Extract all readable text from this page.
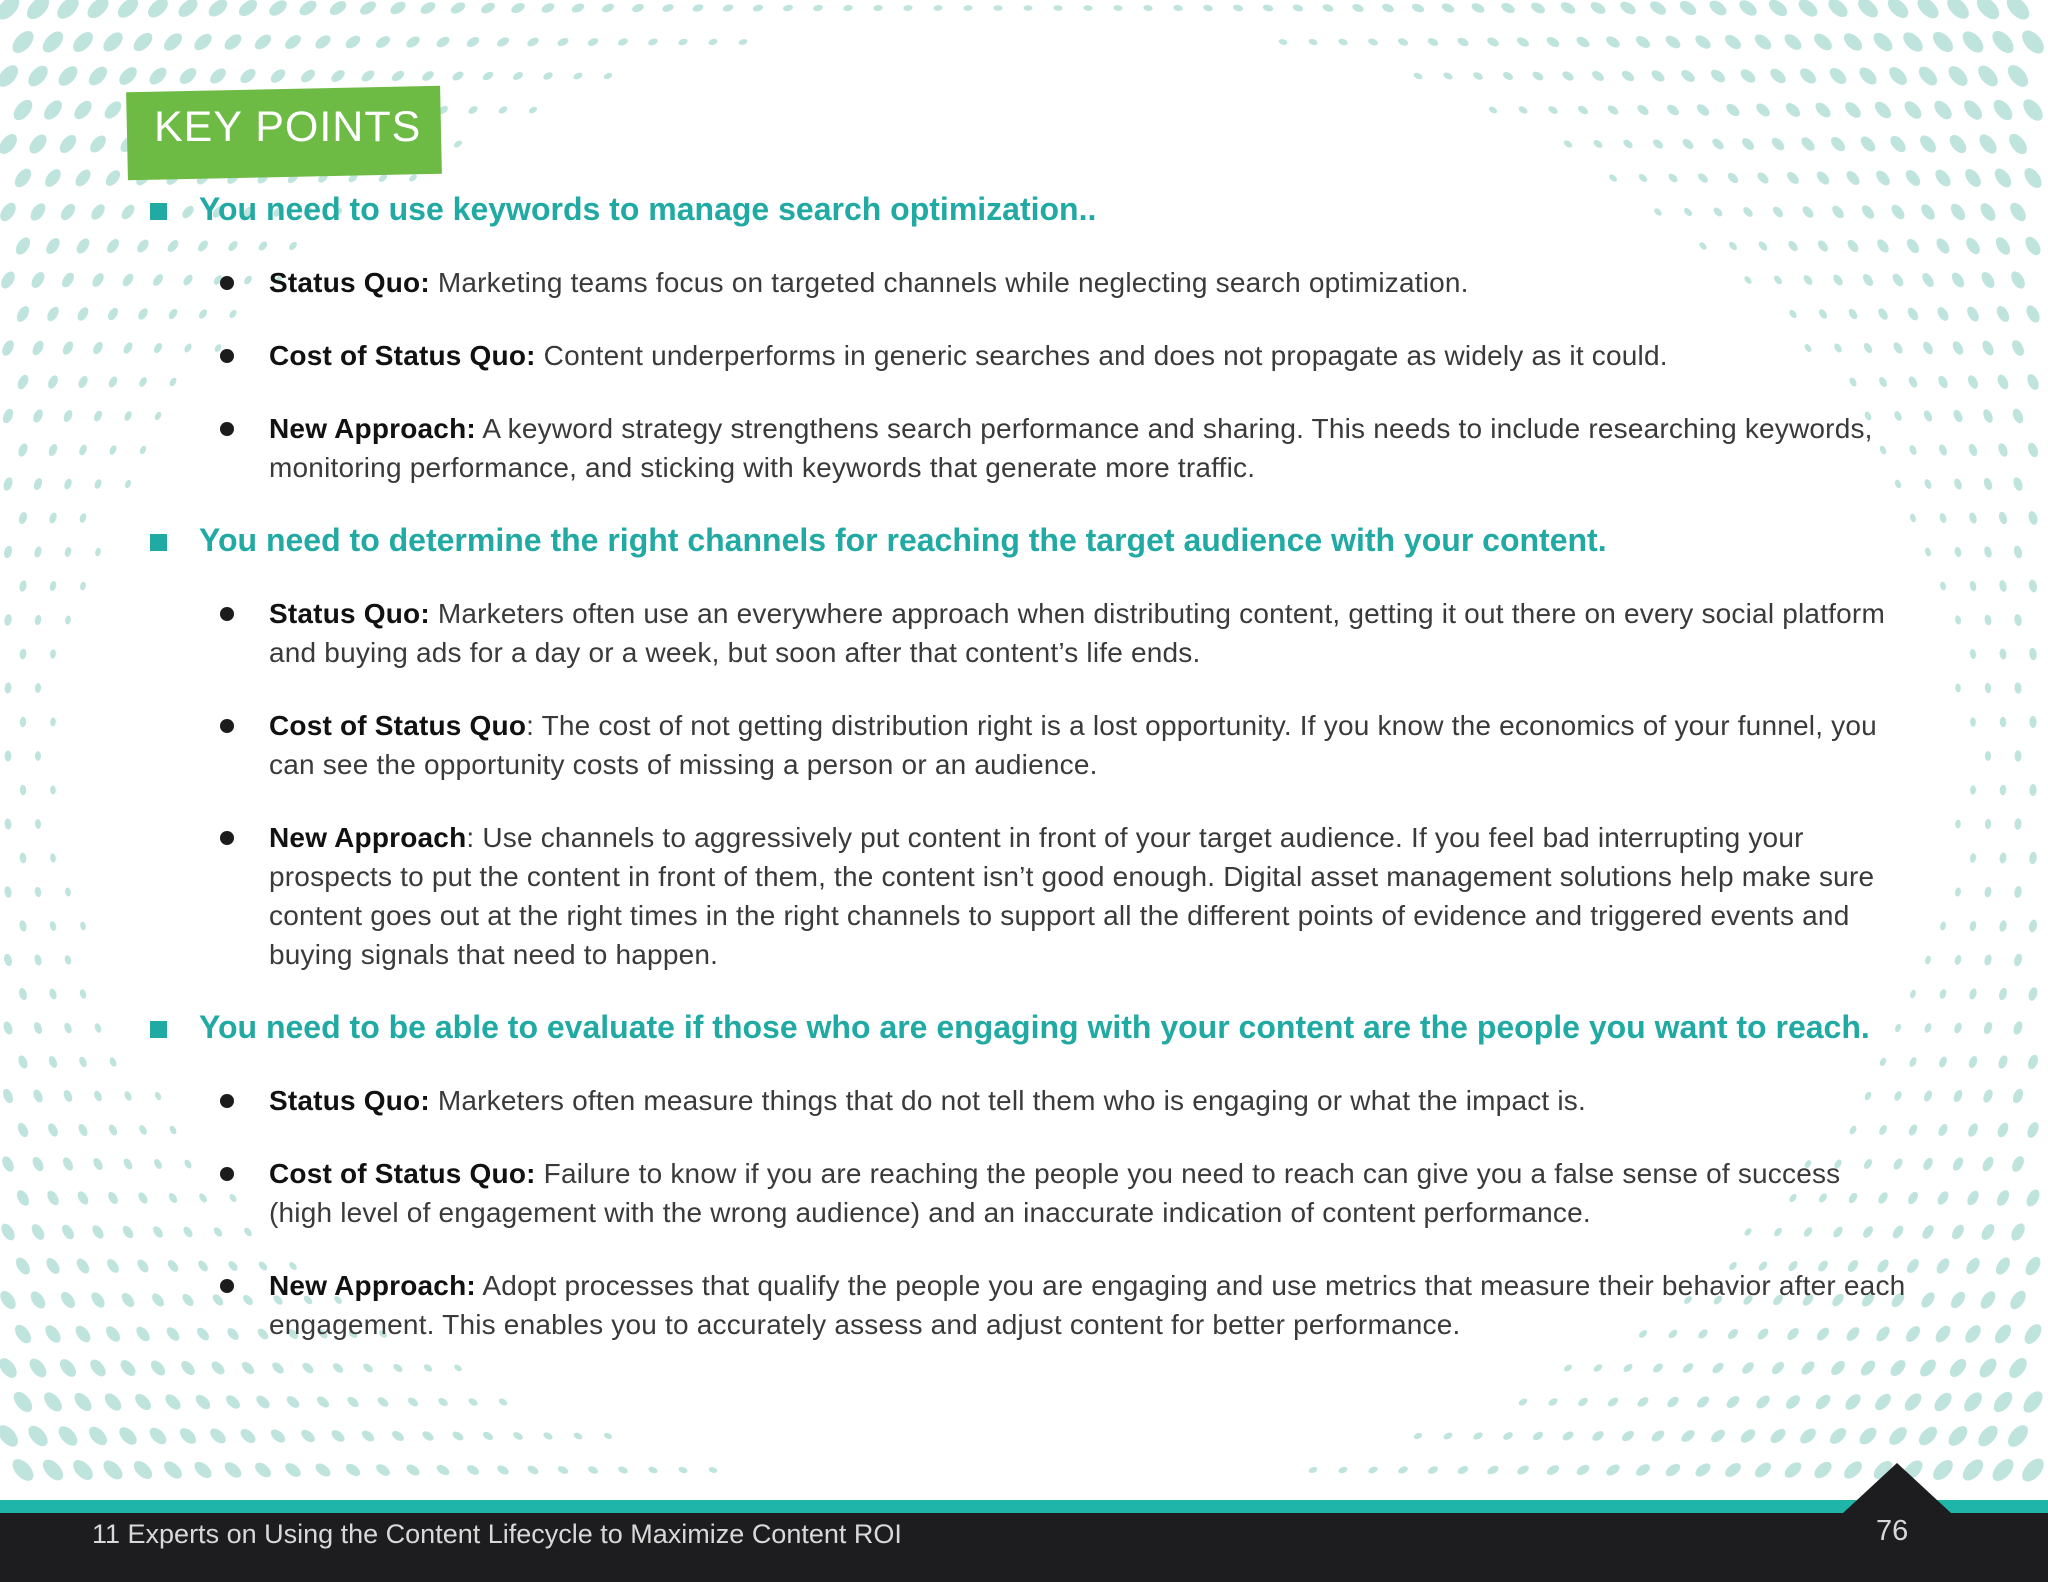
KEY POINTS
You need to use keywords to manage search optimization..
Status Quo: Marketing teams focus on targeted channels while neglecting search optimization.
Cost of Status Quo: Content underperforms in generic searches and does not propagate as widely as it could.
New Approach: A keyword strategy strengthens search performance and sharing. This needs to include researching keywords, monitoring performance, and sticking with keywords that generate more traffic.
You need to determine the right channels for reaching the target audience with your content.
Status Quo: Marketers often use an everywhere approach when distributing content, getting it out there on every social platform and buying ads for a day or a week, but soon after that content’s life ends.
Cost of Status Quo: The cost of not getting distribution right is a lost opportunity. If you know the economics of your funnel, you can see the opportunity costs of missing a person or an audience.
New Approach: Use channels to aggressively put content in front of your target audience. If you feel bad interrupting your prospects to put the content in front of them, the content isn’t good enough. Digital asset management solutions help make sure content goes out at the right times in the right channels to support all the different points of evidence and triggered events and buying signals that need to happen.
You need to be able to evaluate if those who are engaging with your content are the people you want to reach.
Status Quo: Marketers often measure things that do not tell them who is engaging or what the impact is.
Cost of Status Quo: Failure to know if you are reaching the people you need to reach can give you a false sense of success (high level of engagement with the wrong audience) and an inaccurate indication of content performance.
New Approach: Adopt processes that qualify the people you are engaging and use metrics that measure their behavior after each engagement. This enables you to accurately assess and adjust content for better performance.
11 Experts on Using the Content Lifecycle to Maximize Content ROI	76
